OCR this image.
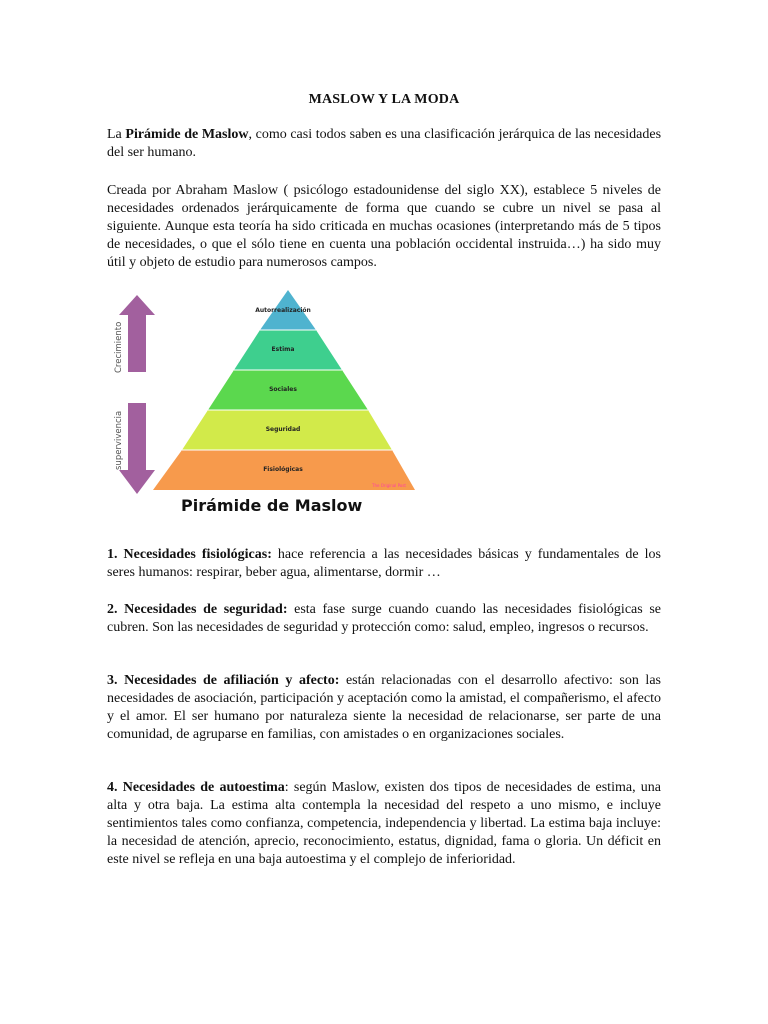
MASLOW Y LA MODA

La Pirámide de Maslow, como casi todos saben es una clasificación jerárquica de las necesidades del ser humano.

Creada por Abraham Maslow ( psicólogo estadounidense del siglo XX), establece 5 niveles de necesidades ordenados jerárquicamente de forma que cuando se cubre un nivel se pasa al siguiente. Aunque esta teoría ha sido criticada en muchas ocasiones (interpretando más de 5 tipos de necesidades, o que el sólo tiene en cuenta una población occidental instruida…) ha sido muy útil y objeto de estudio para numerosos campos.

Crecimiento
supervivencia
Autorrealización
Estima
Sociales
Seguridad
Fisiológicas
The Original Post
Pirámide de Maslow

1. Necesidades fisiológicas: hace referencia a las necesidades básicas y fundamentales de los seres humanos: respirar, beber agua, alimentarse, dormir …

2. Necesidades de seguridad: esta fase surge cuando cuando las necesidades fisiológicas se cubren. Son las necesidades de seguridad y protección como: salud, empleo, ingresos o recursos.

3. Necesidades de afiliación y afecto: están relacionadas con el desarrollo afectivo: son las necesidades de asociación, participación y aceptación como la amistad, el compañerismo, el afecto y el amor. El ser humano por naturaleza siente la necesidad de relacionarse, ser parte de una comunidad, de agruparse en familias, con amistades o en organizaciones sociales.

4. Necesidades de autoestima: según Maslow, existen dos tipos de necesidades de estima, una alta y otra baja. La estima alta contempla la necesidad del respeto a uno mismo, e incluye sentimientos tales como confianza, competencia, independencia y libertad. La estima baja incluye: la necesidad de atención, aprecio, reconocimiento, estatus, dignidad, fama o gloria. Un déficit en este nivel se refleja en una baja autoestima y el complejo de inferioridad.
